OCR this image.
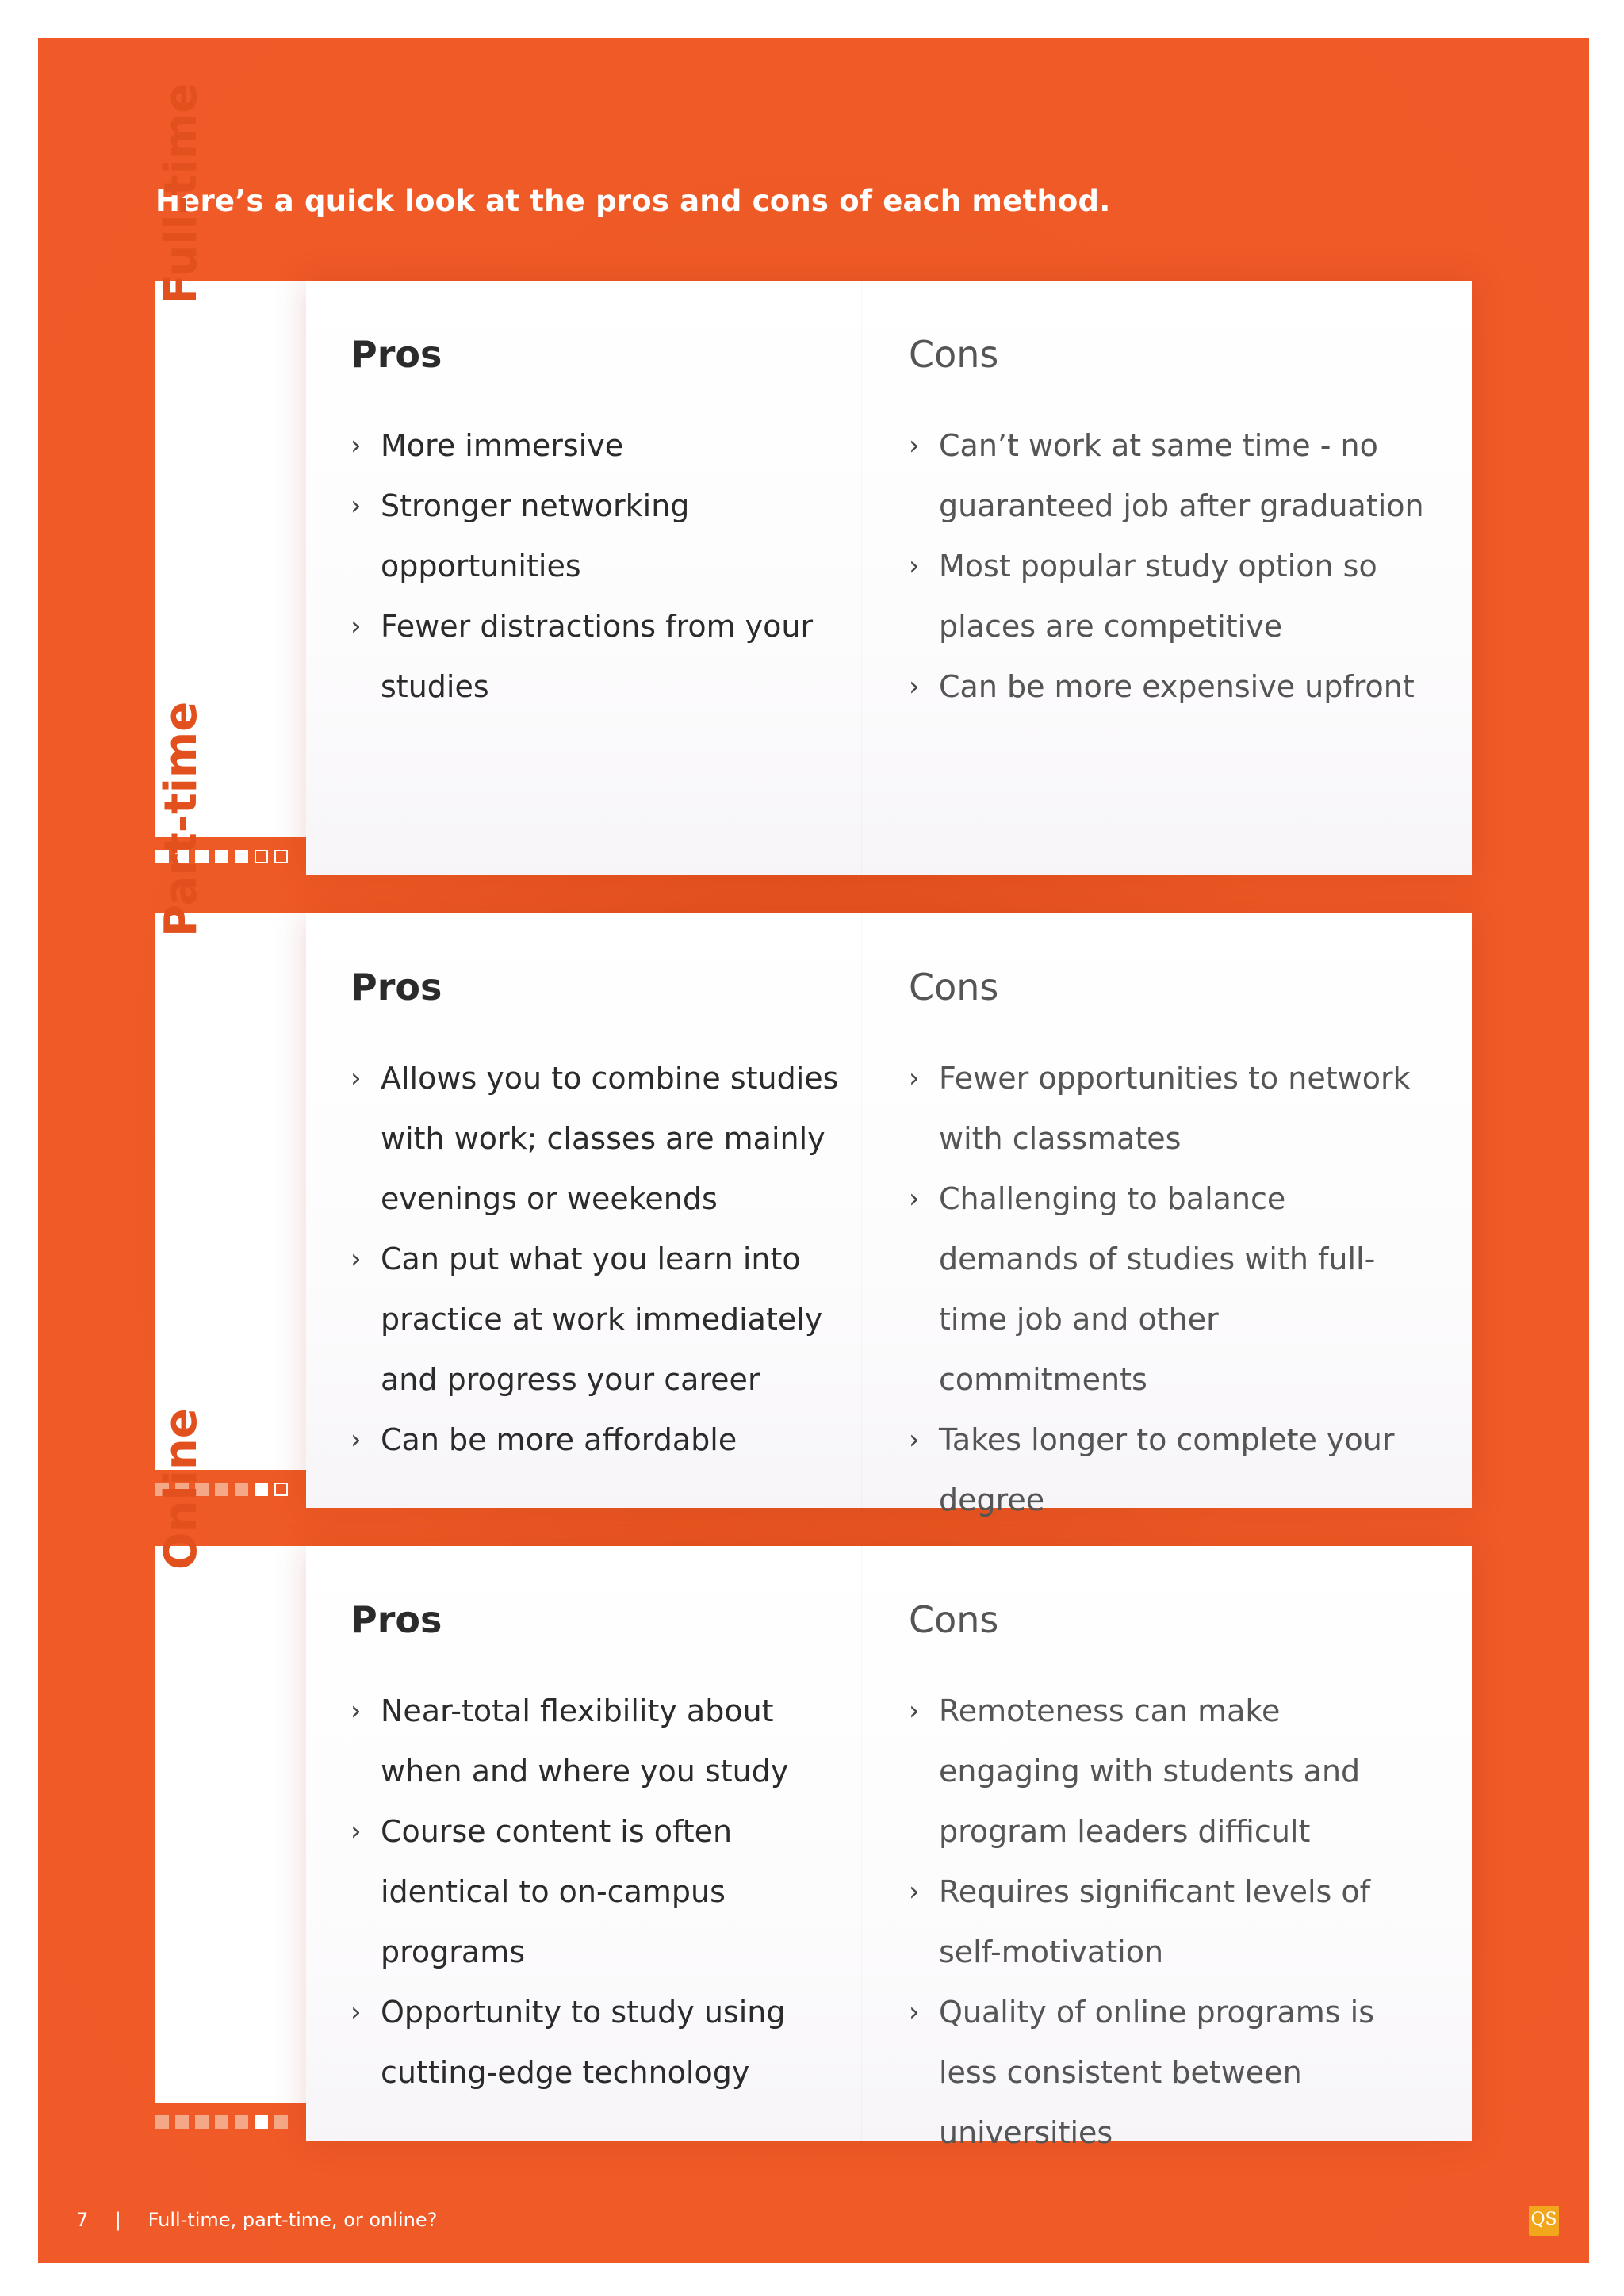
Here’s a quick look at the pros and cons of each method.

Full-time
Pros	Cons
› More immersive
› Stronger networking opportunities
› Fewer distractions from your studies
› Can’t work at same time - no guaranteed job after graduation
› Most popular study option so places are competitive
› Can be more expensive upfront
Part-time
Pros	Cons
› Allows you to combine studies with work; classes are mainly evenings or weekends
› Can put what you learn into practice at work immediately and progress your career
› Can be more affordable
› Fewer opportunities to network with classmates
› Challenging to balance demands of studies with full-time job and other commitments
› Takes longer to complete your degree
Online
Pros	Cons
› Near-total flexibility about when and where you study
› Course content is often identical to on-campus programs
› Opportunity to study using cutting-edge technology
› Remoteness can make engaging with students and program leaders difficult
› Requires significant levels of self-motivation
› Quality of online programs is less consistent between universities
7 | Full-time, part-time, or online?	QS
